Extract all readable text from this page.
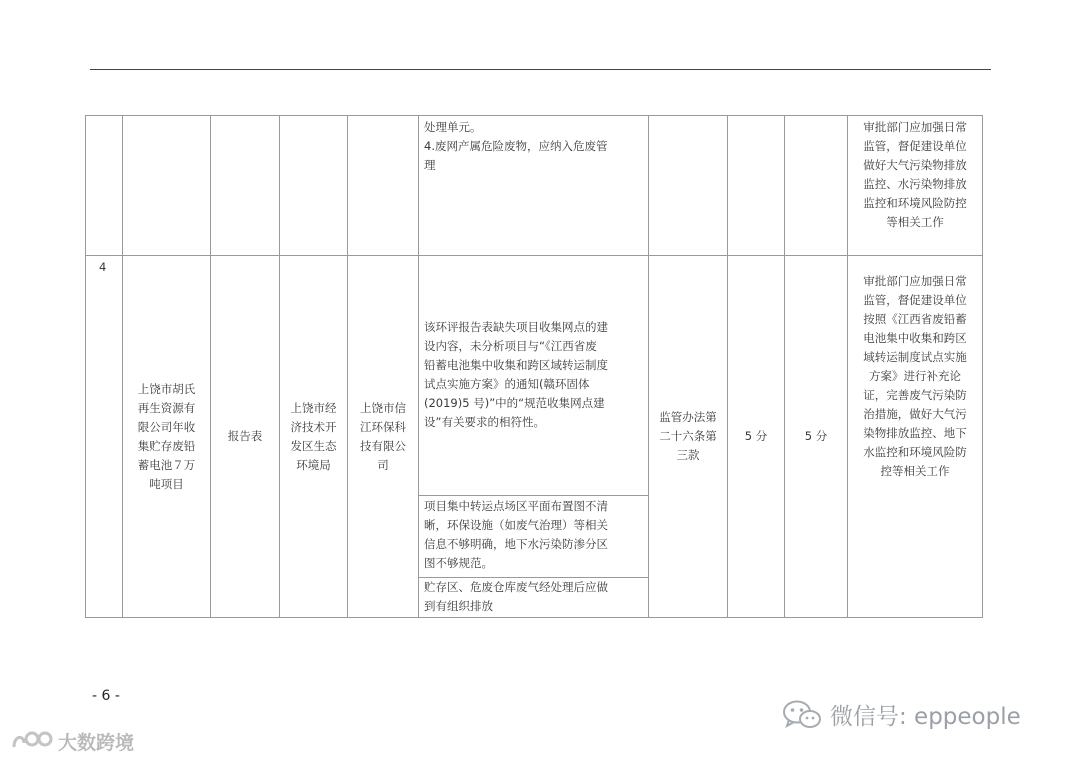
处理单元。
4.废网产属危险废物，应纳入危废管
理
审批部门应加强日常
监管，督促建设单位
做好大气污染物排放
监控、水污染物排放
监控和环境风险防控
等相关工作
4
上饶市胡氏
再生资源有
限公司年收
集贮存废铅
蓄电池７万
吨项目
报告表
上饶市经
济技术开
发区生态
环境局
上饶市信
江环保科
技有限公
司
该环评报告表缺失项目收集网点的建
设内容，未分析项目与“《江西省废
铅蓄电池集中收集和跨区域转运制度
试点实施方案》的通知(赣环固体
(2019)5 号)”中的“规范收集网点建
设”有关要求的相符性。
项目集中转运点场区平面布置图不清
晰，环保设施（如废气治理）等相关
信息不够明确，地下水污染防渗分区
图不够规范。
贮存区、危废仓库废气经处理后应做
到有组织排放
监管办法第
二十六条第
三款
5 分	5 分
审批部门应加强日常
监管，督促建设单位
按照《江西省废铅蓄
电池集中收集和跨区
域转运制度试点实施
方案》进行补充论
证，完善废气污染防
治措施，做好大气污
染物排放监控、地下
水监控和环境风险防
控等相关工作
- 6 -
微信号: eppeople
大数跨境
